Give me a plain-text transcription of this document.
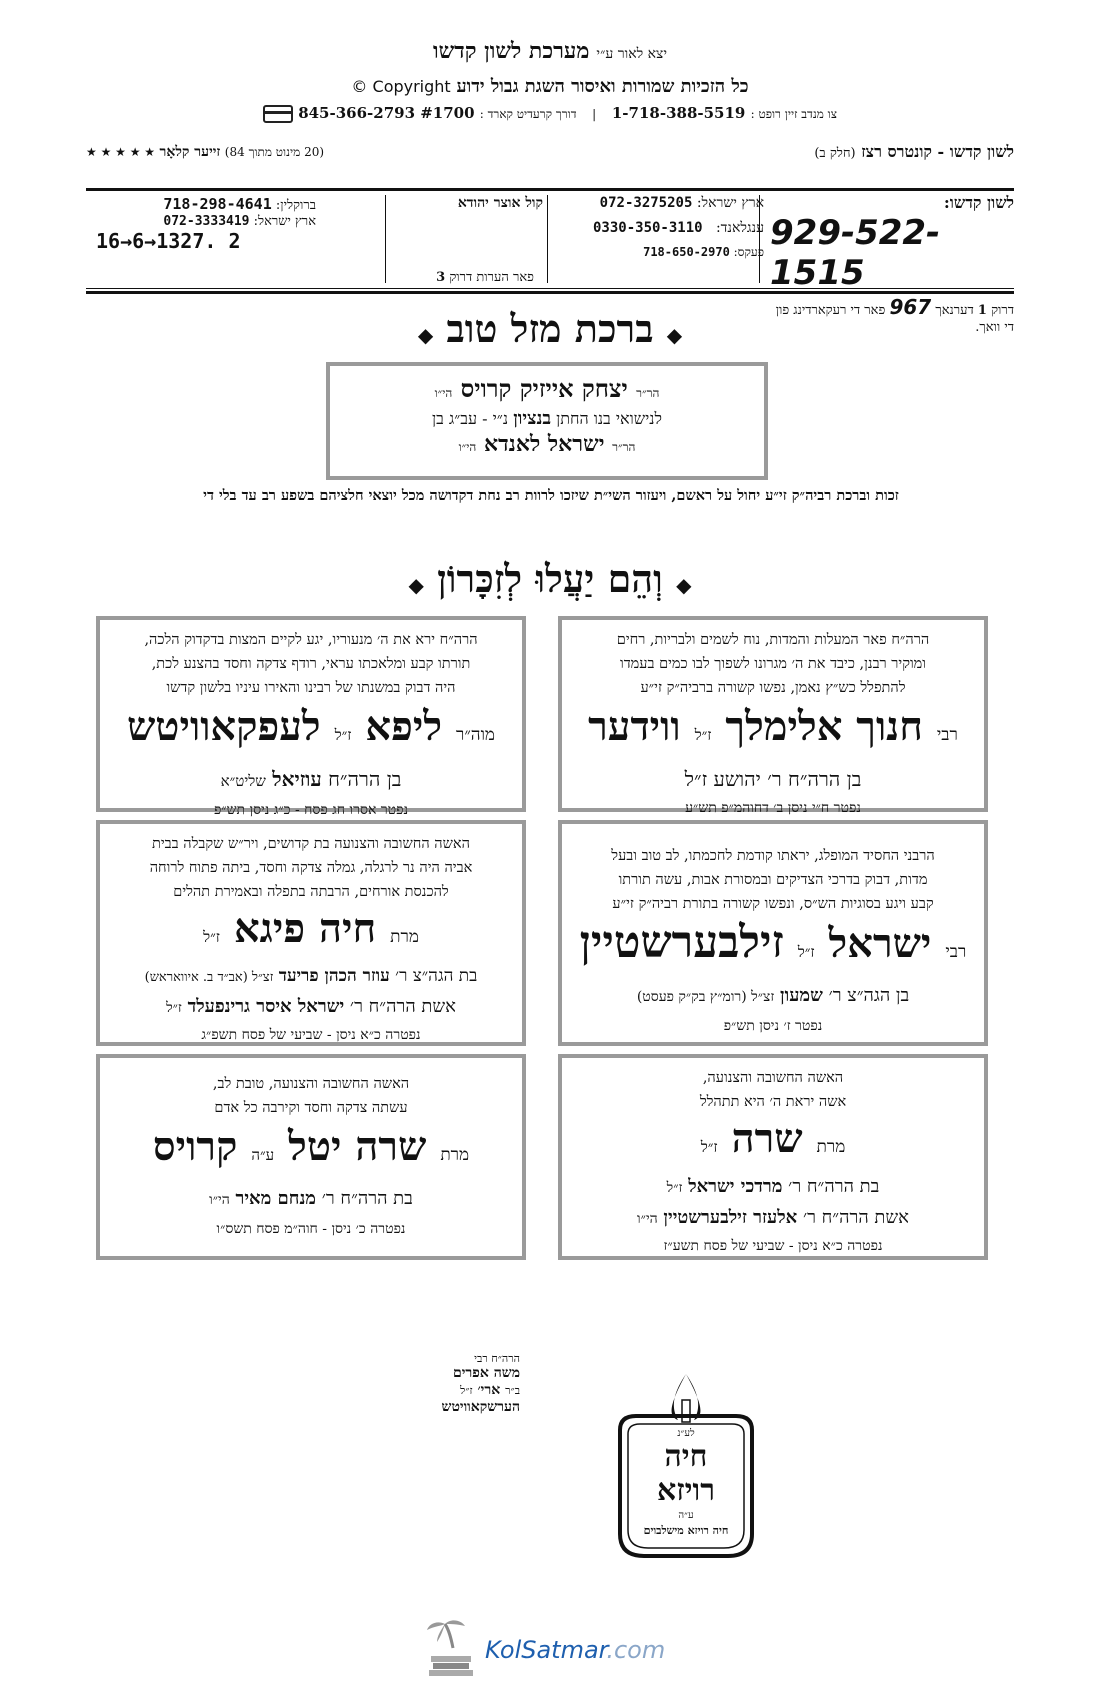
יצא לאור ע״י מערכת לשון קדשו
כל הזכיות שמורות ואיסור השגת גבול ידוע Copyright ©
צו מנדב זיין רופט : 1-718-388-5519   |   דורך קרעדיט קארד : 845-366-2793 #1700
לשון קדשו - קונטרס רצז (חלק ב)
(20 מינוט מתוך 84) זייער קלאָר ★ ★ ★ ★ ★
לשון קדשו:
929-522-1515
דרוק 1 דערנאך 967 פאר די רעקארדינג פון די וואך.
ארץ ישראל: 072-3275205
ענגלאנד:   0330-350-3110
פעקס: 718-650-2970
קול אוצר יהודא
ברוקלין: 718-298-4641
ארץ ישראל: 072-3333419
16→6→1327. 2
פאר הערות דרוק 3
◆ ברכת מזל טוב ◆
הר״ר יצחק אייזיק קרויס הי״ו
לנישואי בנו החתן בנציון נ״י - עב״ג בן
הר״ר ישראל לאנדא הי״ו
זכות וברכת רביה״ק זי״ע יחול על ראשם, ויעזור השי״ת שיזכו לרוות רב נחת דקדושה מכל יוצאי חלציהם בשפע רב עד בלי די
◆ וְהֵם יַעֲלוּ לְזִכָּרוֹן ◆
הרה״ח פאר המעלות והמדות, נוח לשמים ולבריות, רחים
ומוקיר רבנן, כיבד את ה׳ מגרונו לשפוך לבו כמים בעמדו
להתפלל כש״ץ נאמן, נפשו קשורה ברביה״ק זי״ע
רבי חנוך אלימלך ז״ל ווידער
בן הרה״ח ר׳ יהושע ז״ל
נפטר ח״י ניסן ב׳ דחוהמ״פ תש״ע
הרה״ח ירא את ה׳ מנעוריו, יגע לקיים המצות בדקדוק הלכה,
תורתו קבע ומלאכתו עראי, רודף צדקה וחסד בהצנע לכת,
היה דבוק במשנתו של רבינו והאירו עיניו בלשון קדשו
מוה״ר ליפא ז״ל לעפקאוויטש
בן הרה״ח עוזיאל שליט״א
נפטר אסרו חג פסח - כ״ג ניסן תש״פ
הרבני החסיד המופלג, יראתו קודמת לחכמתו, לב טוב ובעל
מדות, דבוק בדרכי הצדיקים ובמסורת אבות, עשה תורתו
קבע ויגע בסוגיות הש״ס, ונפשו קשורה בתורת רביה״ק זי״ע
רבי ישראל ז״ל זילבערשטיין
בן הגה״צ ר׳ שמעון זצ״ל (רומ״ץ בק״ק פעסט)
נפטר ז׳ ניסן תש״פ
האשה החשובה והצנועה בת קדושים, ויר״ש שקבלה בבית
אביה היה נר לרגלה, גמלה צדקה וחסד, ביתה פתוח לרוחה
להכנסת אורחים, הרבתה בתפלה ובאמירת תהלים
מרת חיה פיגא ז״ל
בת הגה״צ ר׳ עוזר הכהן פריעד זצ״ל (אב״ד ב. איוואראש)
אשת הרה״ח ר׳ ישראל איסר גרינפעלד ז״ל
נפטרה כ״א ניסן - שביעי של פסח תשפ״ג
האשה החשובה והצנועה,
אשה יראת ה׳ היא תתהלל
מרת שרה ז״ל
בת הרה״ח ר׳ מרדכי ישראל ז״ל
אשת הרה״ח ר׳ אלעזר זילבערשטיין הי״ו
נפטרה כ״א ניסן - שביעי של פסח תשע״ז
האשה החשובה והצנועה, טובת לב,
עשתה צדקה וחסד וקירבה כל אדם
מרת שרה יטל ע״ה קרויס
בת הרה״ח ר׳ מנחם מאיר הי״ו
נפטרה כ׳ ניסן - חוה״מ פסח תשס״ו
הרה״ח רבי
משה אפרים
ב״ר ארי׳ ז״ל
הערשקאוויטש
לע״נ
חיה
רויזא
ע״ה
חיה רויזא מישלבוים
KolSatmar.com
